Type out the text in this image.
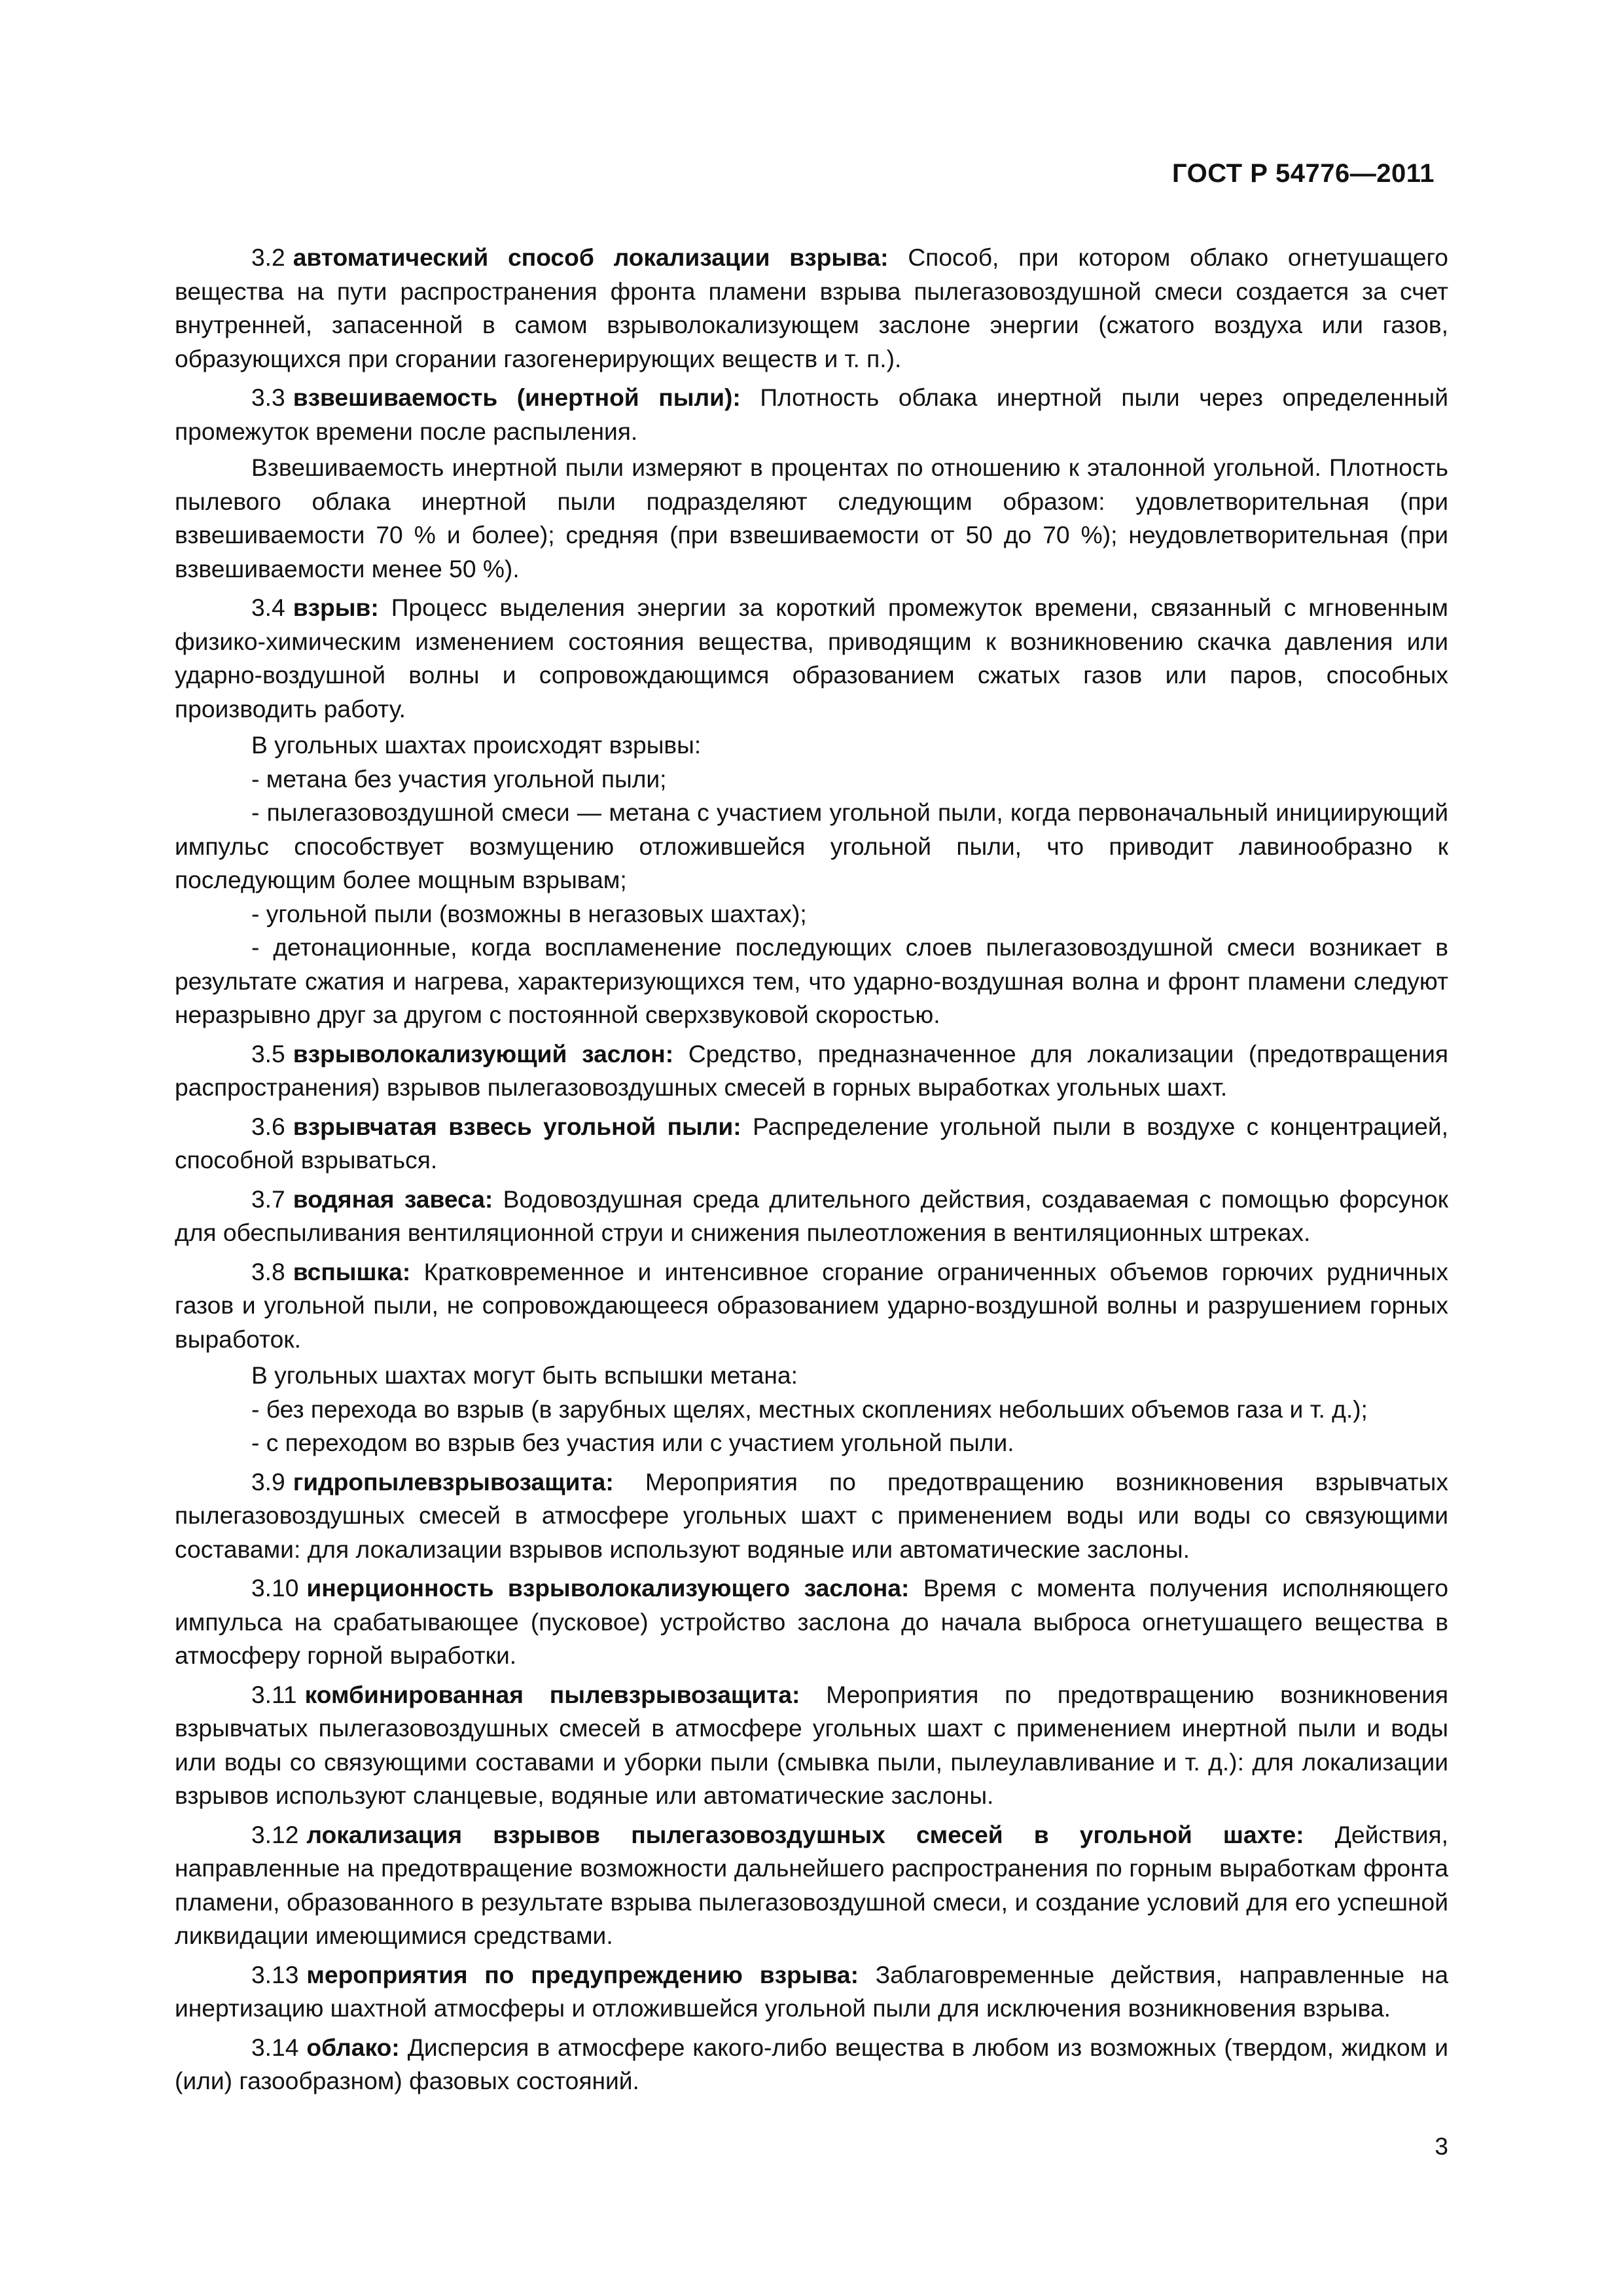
ГОСТ Р 54776—2011

3.2 автоматический способ локализации взрыва: Способ, при котором облако огнетушащего вещества на пути распространения фронта пламени взрыва пылегазовоздушной смеси создается за счет внутренней, запасенной в самом взрыволокализующем заслоне энергии (сжатого воздуха или газов, образующихся при сгорании газогенерирующих веществ и т. п.).

3.3 взвешиваемость (инертной пыли): Плотность облака инертной пыли через определенный промежуток времени после распыления.

Взвешиваемость инертной пыли измеряют в процентах по отношению к эталонной угольной. Плотность пылевого облака инертной пыли подразделяют следующим образом: удовлетворительная (при взвешиваемости 70 % и более); средняя (при взвешиваемости от 50 до 70 %); неудовлетворительная (при взвешиваемости менее 50 %).

3.4 взрыв: Процесс выделения энергии за короткий промежуток времени, связанный с мгновенным физико-химическим изменением состояния вещества, приводящим к возникновению скачка давления или ударно-воздушной волны и сопровождающимся образованием сжатых газов или паров, способных производить работу.

В угольных шахтах происходят взрывы:

- метана без участия угольной пыли;

- пылегазовоздушной смеси — метана с участием угольной пыли, когда первоначальный инициирующий импульс способствует возмущению отложившейся угольной пыли, что приводит лавинообразно к последующим более мощным взрывам;

- угольной пыли (возможны в негазовых шахтах);

- детонационные, когда воспламенение последующих слоев пылегазовоздушной смеси возникает в результате сжатия и нагрева, характеризующихся тем, что ударно-воздушная волна и фронт пламени следуют неразрывно друг за другом с постоянной сверхзвуковой скоростью.

3.5 взрыволокализующий заслон: Средство, предназначенное для локализации (предотвращения распространения) взрывов пылегазовоздушных смесей в горных выработках угольных шахт.

3.6 взрывчатая взвесь угольной пыли: Распределение угольной пыли в воздухе с концентрацией, способной взрываться.

3.7 водяная завеса: Водовоздушная среда длительного действия, создаваемая с помощью форсунок для обеспыливания вентиляционной струи и снижения пылеотложения в вентиляционных штреках.

3.8 вспышка: Кратковременное и интенсивное сгорание ограниченных объемов горючих рудничных газов и угольной пыли, не сопровождающееся образованием ударно-воздушной волны и разрушением горных выработок.

В угольных шахтах могут быть вспышки метана:

- без перехода во взрыв (в зарубных щелях, местных скоплениях небольших объемов газа и т. д.);

- с переходом во взрыв без участия или с участием угольной пыли.

3.9 гидропылевзрывозащита: Мероприятия по предотвращению возникновения взрывчатых пылегазовоздушных смесей в атмосфере угольных шахт с применением воды или воды со связующими составами: для локализации взрывов используют водяные или автоматические заслоны.

3.10 инерционность взрыволокализующего заслона: Время с момента получения исполняющего импульса на срабатывающее (пусковое) устройство заслона до начала выброса огнетушащего вещества в атмосферу горной выработки.

3.11 комбинированная пылевзрывозащита: Мероприятия по предотвращению возникновения взрывчатых пылегазовоздушных смесей в атмосфере угольных шахт с применением инертной пыли и воды или воды со связующими составами и уборки пыли (смывка пыли, пылеулавливание и т. д.): для локализации взрывов используют сланцевые, водяные или автоматические заслоны.

3.12 локализация взрывов пылегазовоздушных смесей в угольной шахте: Действия, направленные на предотвращение возможности дальнейшего распространения по горным выработкам фронта пламени, образованного в результате взрыва пылегазовоздушной смеси, и создание условий для его успешной ликвидации имеющимися средствами.

3.13 мероприятия по предупреждению взрыва: Заблаговременные действия, направленные на инертизацию шахтной атмосферы и отложившейся угольной пыли для исключения возникновения взрыва.

3.14 облако: Дисперсия в атмосфере какого-либо вещества в любом из возможных (твердом, жидком и (или) газообразном) фазовых состояний.

3
